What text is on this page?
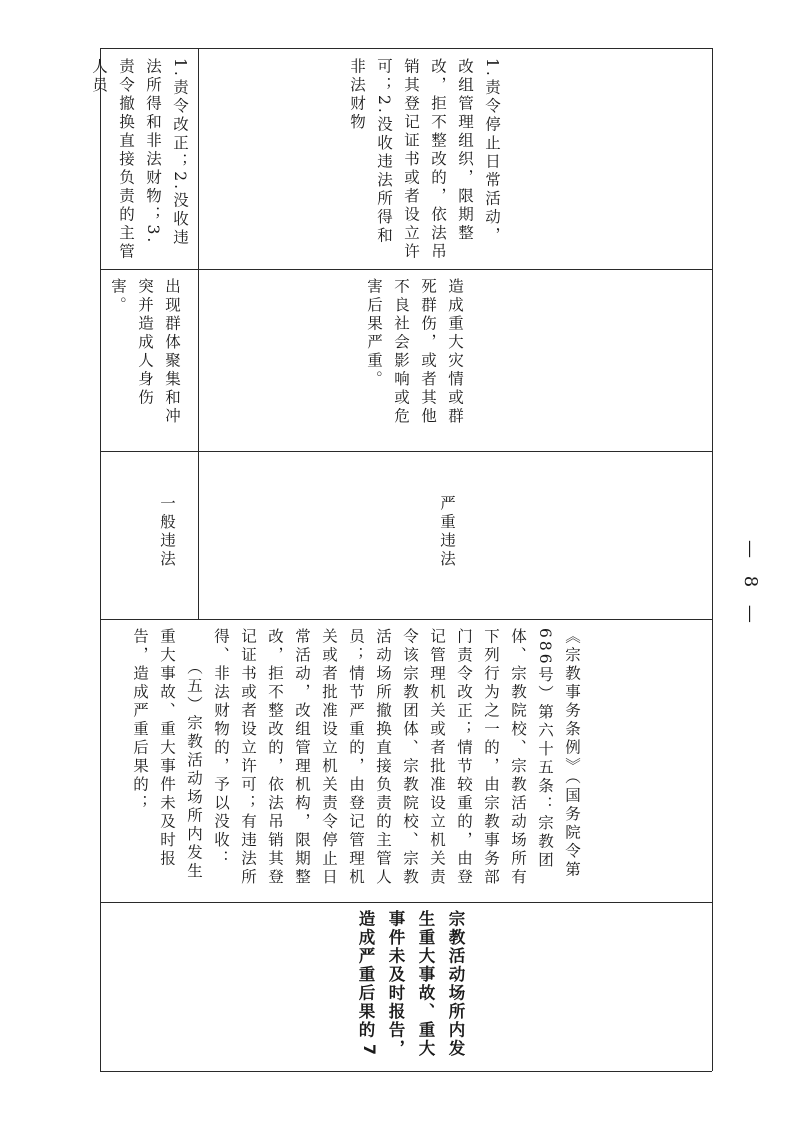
7	宗教活动场所内发生重大事故、重大事件未及时报告，造成严重后果的

《宗教事务条例》（国务院令第686号）第六十五条：宗教团体、宗教院校、宗教活动场所有下列行为之一的，由宗教事务部门责令改正；情节较重的，由登记管理机关或者批准设立机关责令该宗教团体、宗教院校、宗教活动场所撤换直接负责的主管人员；情节严重的，由登记管理机关或者批准设立机关责令停止日常活动，改组管理机构，限期整改，拒不整改的，依法吊销其登记证书或者设立许可；有违法所得、非法财物的，予以没收：

（五）宗教活动场所内发生重大事故、重大事件未及时报告，造成严重后果的；

一般违法
出现群体聚集和冲突并造成人身伤害。
1.责令改正；2.没收违法所得和非法财物；3.责令撤换直接负责的主管人员
严重违法
造成重大灾情或群死群伤，或者其他不良社会影响或危害后果严重。
1.责令停止日常活动，改组管理组织，限期整改，拒不整改的，依法吊销其登记证书或者设立许可；2.没收违法所得和非法财物
— 8 —
